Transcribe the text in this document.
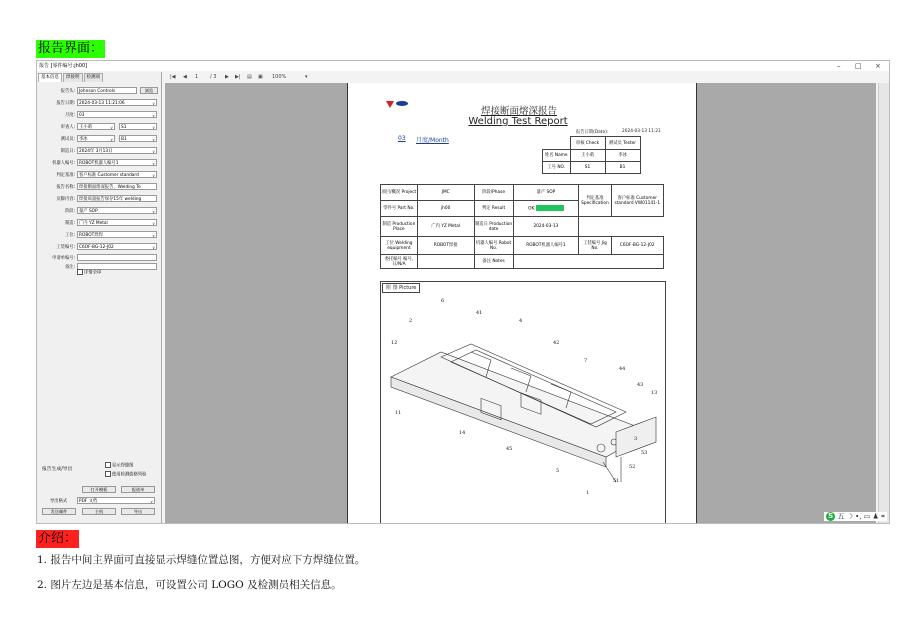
报告界面：
报告 [零件编号:jh00]	– □ ×
基本信息 焊接明 检测项
报告头: Johnson Controls	浏览
报告日期: 2024-03-13 11:21:06	∨
月度: 03	∨
审查人: 王小萌	∨	S1	∨
测试员: 李冰	∨	B1	∨
制造日: 2024年 3月13日	∨
机器人编号: ROBOT机器人编号1	∨
判定基准: 客户标准 Customer standard	∨
报告名称: 焊接断面熔深报告、Welding Te
页脚内容: 焊接质量报告保存15年 welding
阶段: 量产 SOP	∨
制造: 广内 YZ Metal	∨
工位: ROBOT焊焊	∨
工装编号: C6OF-BG-12-J02	∨
申请单编号:
备注:
详情全印
报告生成/导出
显示焊缝图
使用检测值格列验
打开模板	报道单
导出格式	PDF 文档	∨
发送邮件	主机	导出
|◀ ◀ 1 / 3 ▶ ▶| ▤ ▣ 100%	▾
焊接断面熔深报告
Welding Test Report
03 月度/Month
报告日期(Date):	2024-03-13 11:21
	审核 Check	测试员 Tester
姓名 Name	王小萌	李冰
工号 NO.	S1	B1
项目/概况 Project	JMC	阶段/Phase	量产 SOP	判定基准 Specification	客户标准 Customer standard VW01141-1
零件号 Part No.	jh00	判定 Result	OK		
制造 Production Place	广内 YZ Metal	制造日 Production date	2024-03-13		
工位 Welding equipment	ROBOT焊接	机器人编号 Robot No.	ROBOT机器人编号1	工装编号 Jig No.	C6OF-BG-12-J02
委托编号 编号, 日/N/A		备注 Notes			
附 图 Picture
6
41
4
2
12	42
7
44
43
13
11
14
45
3
53
52
5
51
1
S 五 ☽ •, ▭ ♟ ⌗
介绍：
1. 报告中间主界面可直接显示焊缝位置总图，方便对应下方焊缝位置。
2. 图片左边是基本信息，可设置公司 LOGO 及检测员相关信息。
